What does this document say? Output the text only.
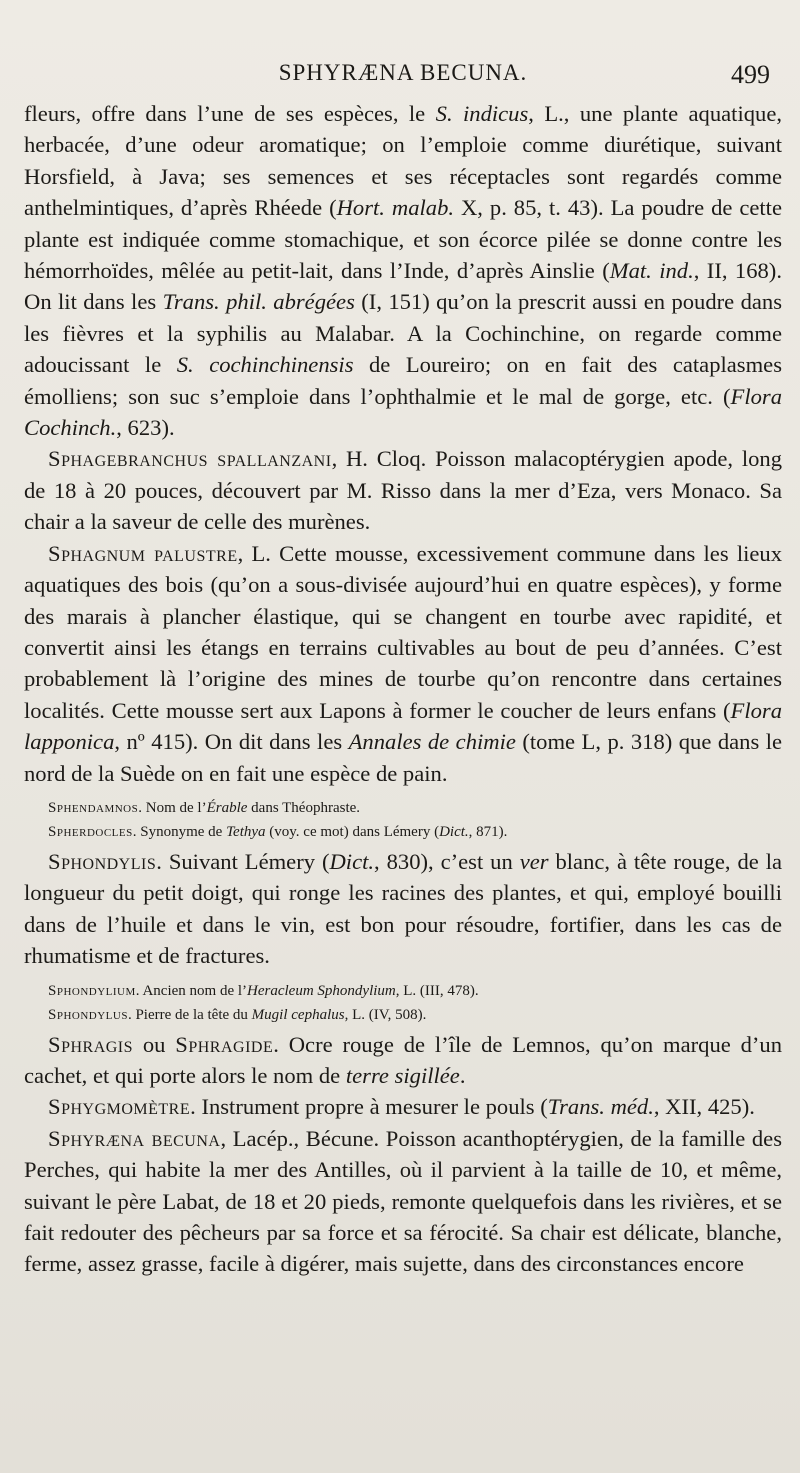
SPHYRÆNA BECUNA.	499

fleurs, offre dans l’une de ses espèces, le S. indicus, L., une plante aquatique, herbacée, d’une odeur aromatique; on l’emploie comme diurétique, suivant Horsfield, à Java; ses semences et ses réceptacles sont regardés comme anthelmintiques, d’après Rhéede (Hort. malab. X, p. 85, t. 43). La poudre de cette plante est indiquée comme stomachique, et son écorce pilée se donne contre les hémorrhoïdes, mêlée au petit-lait, dans l’Inde, d’après Ainslie (Mat. ind., II, 168). On lit dans les Trans. phil. abrégées (I, 151) qu’on la prescrit aussi en poudre dans les fièvres et la syphilis au Malabar. A la Cochinchine, on regarde comme adoucissant le S. cochinchinensis de Loureiro; on en fait des cataplasmes émolliens; son suc s’emploie dans l’ophthalmie et le mal de gorge, etc. (Flora Cochinch., 623).

Sphagebranchus spallanzani, H. Cloq. Poisson malacoptérygien apode, long de 18 à 20 pouces, découvert par M. Risso dans la mer d’Eza, vers Monaco. Sa chair a la saveur de celle des murènes.

Sphagnum palustre, L. Cette mousse, excessivement commune dans les lieux aquatiques des bois (qu’on a sous-divisée aujourd’hui en quatre espèces), y forme des marais à plancher élastique, qui se changent en tourbe avec rapidité, et convertit ainsi les étangs en terrains cultivables au bout de peu d’années. C’est probablement là l’origine des mines de tourbe qu’on rencontre dans certaines localités. Cette mousse sert aux Lapons à former le coucher de leurs enfans (Flora lapponica, nº 415). On dit dans les Annales de chimie (tome L, p. 318) que dans le nord de la Suède on en fait une espèce de pain.

Sphendamnos. Nom de l’Érable dans Théophraste.

Spherdocles. Synonyme de Tethya (voy. ce mot) dans Lémery (Dict., 871).

Sphondylis. Suivant Lémery (Dict., 830), c’est un ver blanc, à tête rouge, de la longueur du petit doigt, qui ronge les racines des plantes, et qui, employé bouilli dans de l’huile et dans le vin, est bon pour résoudre, fortifier, dans les cas de rhumatisme et de fractures.

Sphondylium. Ancien nom de l’Heracleum Sphondylium, L. (III, 478).

Sphondylus. Pierre de la tête du Mugil cephalus, L. (IV, 508).

Sphragis ou Sphragide. Ocre rouge de l’île de Lemnos, qu’on marque d’un cachet, et qui porte alors le nom de terre sigillée.

Sphygmomètre. Instrument propre à mesurer le pouls (Trans. méd., XII, 425).

Sphyræna becuna, Lacép., Bécune. Poisson acanthoptérygien, de la famille des Perches, qui habite la mer des Antilles, où il parvient à la taille de 10, et même, suivant le père Labat, de 18 et 20 pieds, remonte quelquefois dans les rivières, et se fait redouter des pêcheurs par sa force et sa férocité. Sa chair est délicate, blanche, ferme, assez grasse, facile à digérer, mais sujette, dans des circonstances encore
